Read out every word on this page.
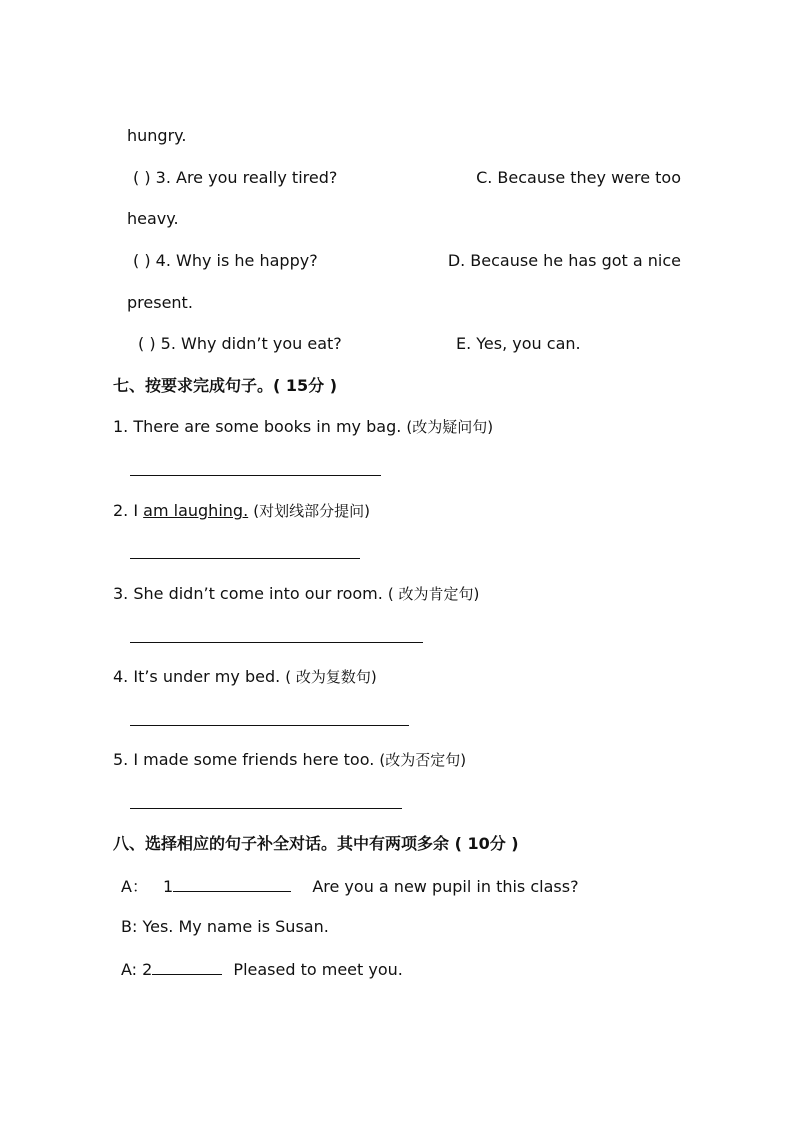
hungry.
( ) 3. Are you really tired?	C. Because they were too
heavy.
( ) 4. Why is he happy?	D. Because he has got a nice
present.
( ) 5. Why didn’t you eat?	E. Yes, you can.
七、按要求完成句子。( 15分 )
1. There are some books in my bag. (改为疑问句)
2. I am laughing. (对划线部分提问)
3. She didn’t come into our room. ( 改为肯定句)
4. It’s under my bed. ( 改为复数句)
5. I made some friends here too. (改为否定句)
八、选择相应的句子补全对话。其中有两项多余 ( 10分 )
A： 1	Are you a new pupil in this class?
B: Yes. My name is Susan.
A: 2	Pleased to meet you.
